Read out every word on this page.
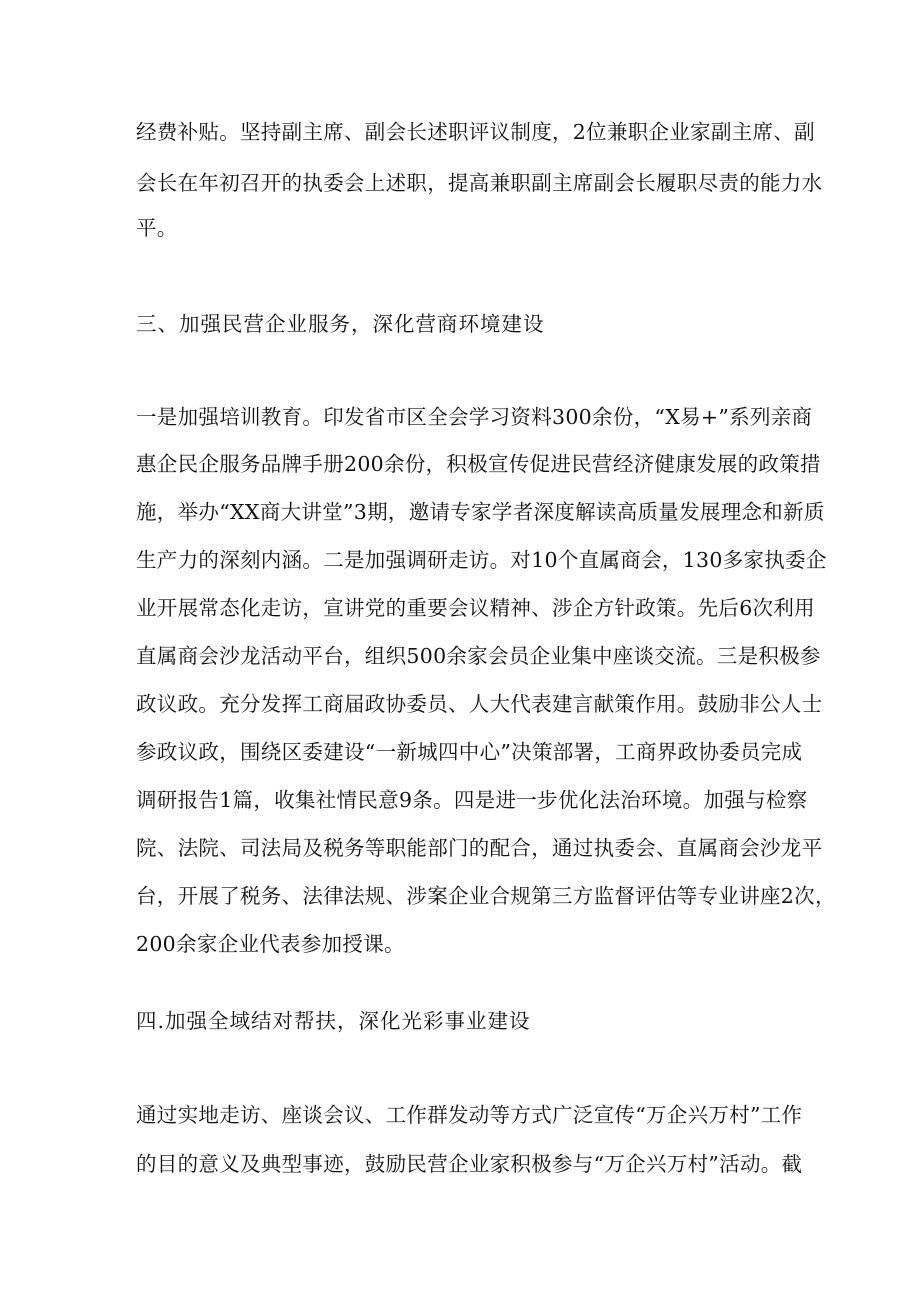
经费补贴。坚持副主席、副会长述职评议制度，2位兼职企业家副主席、副
会长在年初召开的执委会上述职，提高兼职副主席副会长履职尽责的能力水
平。
三、加强民营企业服务，深化营商环境建设
一是加强培训教育。印发省市区全会学习资料300余份，“X易+”系列亲商
惠企民企服务品牌手册200余份，积极宣传促进民营经济健康发展的政策措
施，举办“XX商大讲堂”3期，邀请专家学者深度解读高质量发展理念和新质
生产力的深刻内涵。二是加强调研走访。对10个直属商会，130多家执委企
业开展常态化走访，宣讲党的重要会议精神、涉企方针政策。先后6次利用
直属商会沙龙活动平台，组织500余家会员企业集中座谈交流。三是积极参
政议政。充分发挥工商届政协委员、人大代表建言献策作用。鼓励非公人士
参政议政，围绕区委建设“一新城四中心”决策部署，工商界政协委员完成
调研报告1篇，收集社情民意9条。四是进一步优化法治环境。加强与检察
院、法院、司法局及税务等职能部门的配合，通过执委会、直属商会沙龙平
台，开展了税务、法律法规、涉案企业合规第三方监督评估等专业讲座2次，
200余家企业代表参加授课。
四.加强全域结对帮扶，深化光彩事业建设
通过实地走访、座谈会议、工作群发动等方式广泛宣传“万企兴万村”工作
的目的意义及典型事迹，鼓励民营企业家积极参与“万企兴万村”活动。截
